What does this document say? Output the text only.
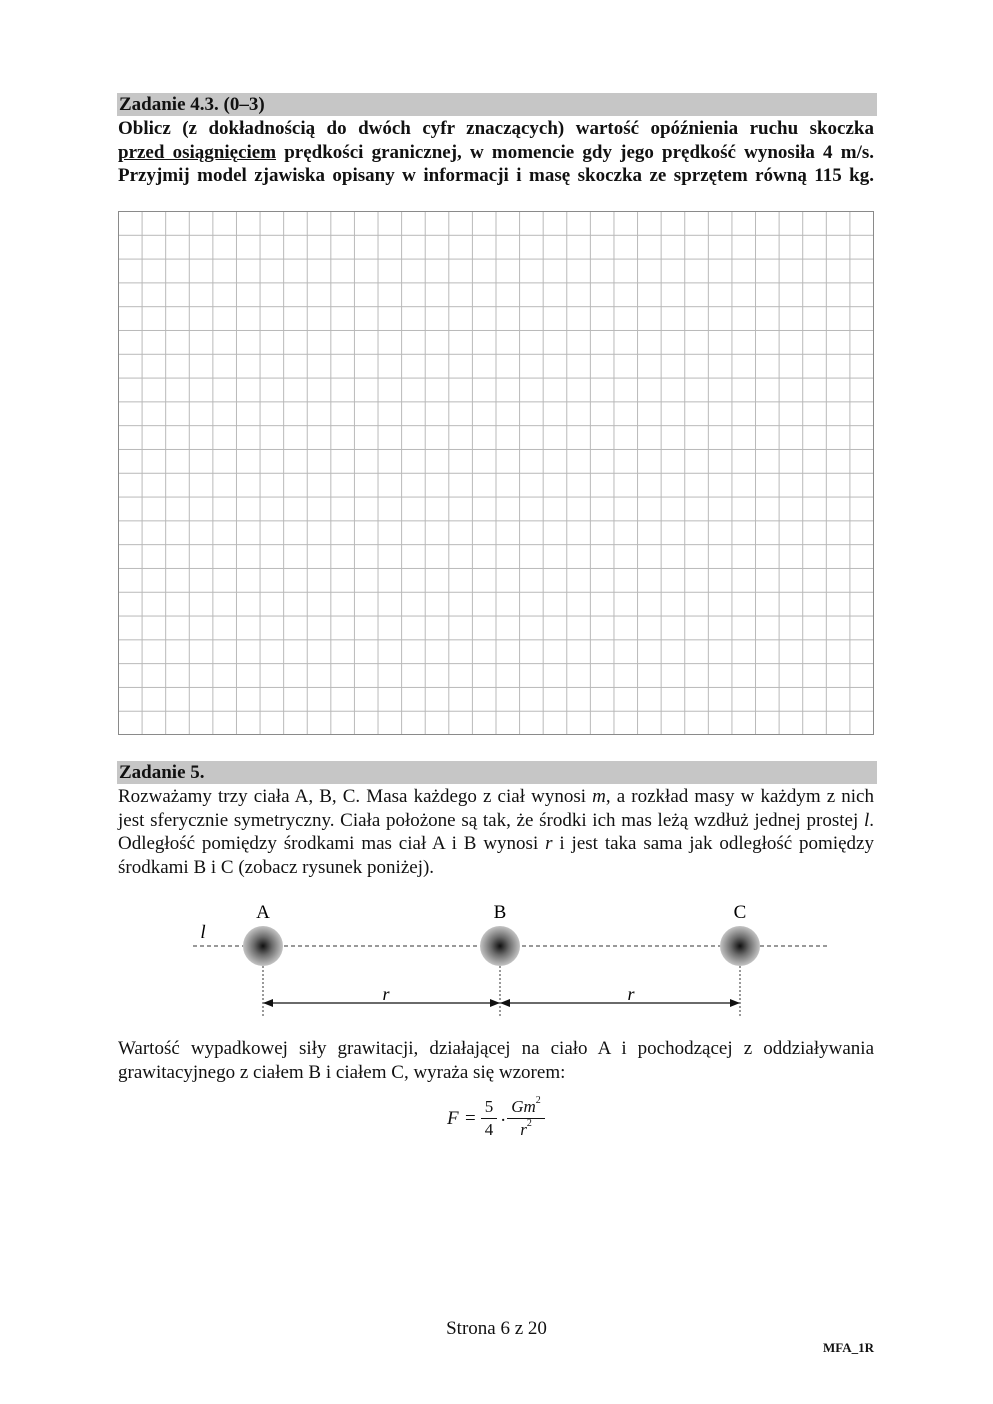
Zadanie 4.3. (0–3)
Oblicz (z dokładnością do dwóch cyfr znaczących) wartość opóźnienia ruchu skoczka
przed osiągnięciem prędkości granicznej, w momencie gdy jego prędkość wynosiła 4 m/s.
Przyjmij model zjawiska opisany w informacji i masę skoczka ze sprzętem równą 115 kg.
Zadanie 5.
Rozważamy trzy ciała A, B, C. Masa każdego z ciał wynosi m, a rozkład masy w każdym z nich jest sferycznie symetryczny. Ciała położone są tak, że środki ich mas leżą wzdłuż jednej prostej l. Odległość pomiędzy środkami mas ciał A i B wynosi r i jest taka sama jak odległość pomiędzy środkami B i C (zobacz rysunek poniżej).
l
A	B	C
r	r
Wartość wypadkowej siły grawitacji, działającej na ciało A i pochodzącej z oddziaływania grawitacyjnego z ciałem B i ciałem C, wyraża się wzorem:
F =
5
4 ·
$Gm^2$
$r^2$
Strona 6 z 20
MFA_1R
